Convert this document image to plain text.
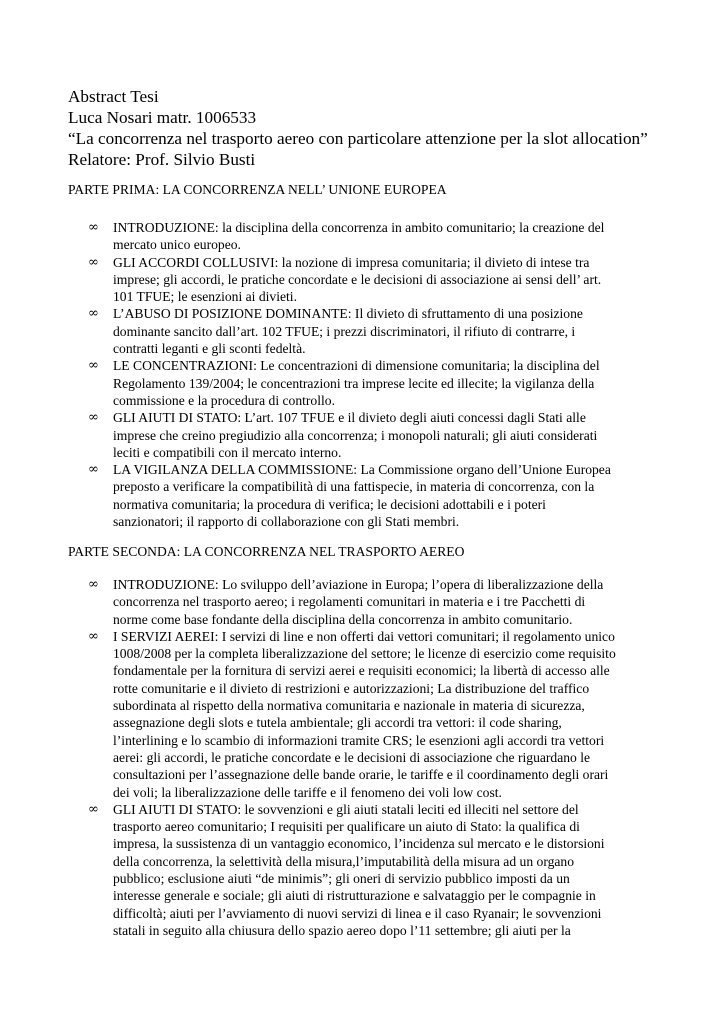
Abstract Tesi
Luca Nosari matr. 1006533
“La concorrenza nel trasporto aereo con particolare attenzione per la slot allocation”
Relatore: Prof. Silvio Busti
PARTE PRIMA: LA CONCORRENZA NELL’ UNIONE EUROPEA
∞ INTRODUZIONE: la disciplina della concorrenza in ambito comunitario; la creazione del
mercato unico europeo.
∞ GLI ACCORDI COLLUSIVI: la nozione di impresa comunitaria; il divieto di intese tra
imprese; gli accordi, le pratiche concordate e le decisioni di associazione ai sensi dell’ art.
101 TFUE; le esenzioni ai divieti.
∞ L’ABUSO DI POSIZIONE DOMINANTE: Il divieto di sfruttamento di una posizione
dominante sancito dall’art. 102 TFUE; i prezzi discriminatori, il rifiuto di contrarre, i
contratti leganti e gli sconti fedeltà.
∞ LE CONCENTRAZIONI: Le concentrazioni di dimensione comunitaria; la disciplina del
Regolamento 139/2004; le concentrazioni tra imprese lecite ed illecite; la vigilanza della
commissione e la procedura di controllo.
∞ GLI AIUTI DI STATO: L’art. 107 TFUE e il divieto degli aiuti concessi dagli Stati alle
imprese che creino pregiudizio alla concorrenza; i monopoli naturali; gli aiuti considerati
leciti e compatibili con il mercato interno.
∞ LA VIGILANZA DELLA COMMISSIONE: La Commissione organo dell’Unione Europea
preposto a verificare la compatibilità di una fattispecie, in materia di concorrenza, con la
normativa comunitaria; la procedura di verifica; le decisioni adottabili e i poteri
sanzionatori; il rapporto di collaborazione con gli Stati membri.
PARTE SECONDA: LA CONCORRENZA NEL TRASPORTO AEREO
∞ INTRODUZIONE: Lo sviluppo dell’aviazione in Europa; l’opera di liberalizzazione della
concorrenza nel trasporto aereo; i regolamenti comunitari in materia e i tre Pacchetti di
norme come base fondante della disciplina della concorrenza in ambito comunitario.
∞ I SERVIZI AEREI: I servizi di line e non offerti dai vettori comunitari; il regolamento unico
1008/2008 per la completa liberalizzazione del settore; le licenze di esercizio come requisito
fondamentale per la fornitura di servizi aerei e requisiti economici; la libertà di accesso alle
rotte comunitarie e il divieto di restrizioni e autorizzazioni; La distribuzione del traffico
subordinata al rispetto della normativa comunitaria e nazionale in materia di sicurezza,
assegnazione degli slots e tutela ambientale; gli accordi tra vettori: il code sharing,
l’interlining e lo scambio di informazioni tramite CRS; le esenzioni agli accordi tra vettori
aerei: gli accordi, le pratiche concordate e le decisioni di associazione che riguardano le
consultazioni per l’assegnazione delle bande orarie, le tariffe e il coordinamento degli orari
dei voli; la liberalizzazione delle tariffe e il fenomeno dei voli low cost.
∞ GLI AIUTI DI STATO: le sovvenzioni e gli aiuti statali leciti ed illeciti nel settore del
trasporto aereo comunitario; I requisiti per qualificare un aiuto di Stato: la qualifica di
impresa, la sussistenza di un vantaggio economico, l’incidenza sul mercato e le distorsioni
della concorrenza, la selettività della misura,l’imputabilità della misura ad un organo
pubblico; esclusione aiuti “de minimis”; gli oneri di servizio pubblico imposti da un
interesse generale e sociale; gli aiuti di ristrutturazione e salvataggio per le compagnie in
difficoltà; aiuti per l’avviamento di nuovi servizi di linea e il caso Ryanair; le sovvenzioni
statali in seguito alla chiusura dello spazio aereo dopo l’11 settembre; gli aiuti per la
